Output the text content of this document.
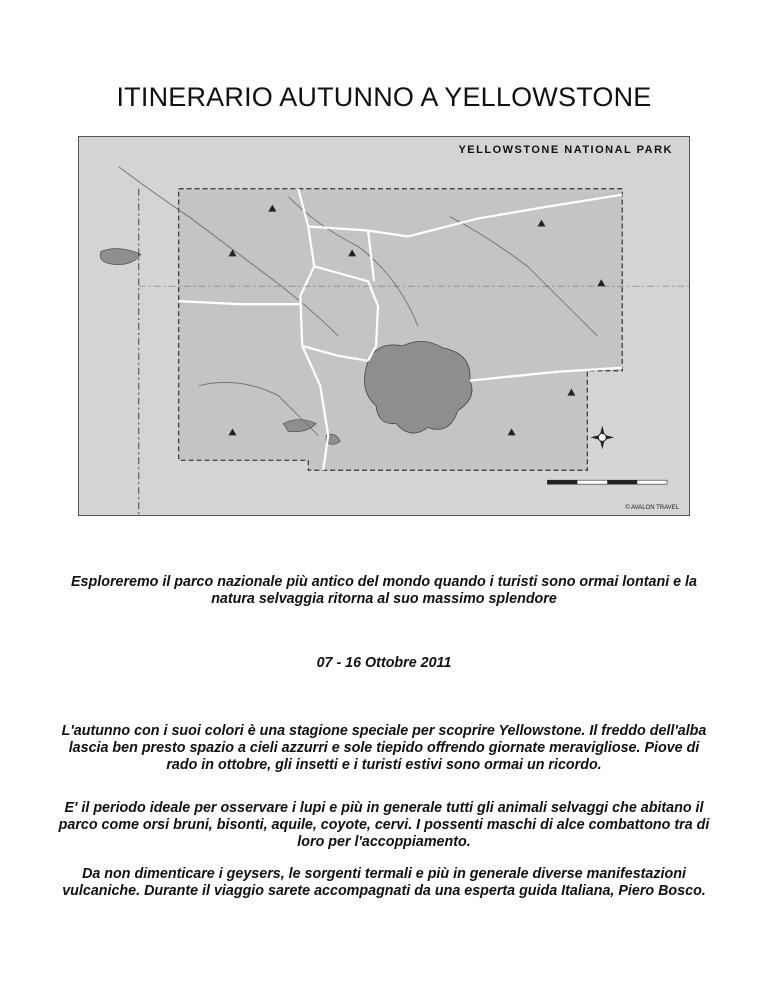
ITINERARIO AUTUNNO A YELLOWSTONE
YELLOWSTONE NATIONAL PARK
© AVALON TRAVEL

Esploreremo il parco nazionale più antico del mondo quando i turisti sono ormai lontani e la natura selvaggia ritorna al suo massimo splendore

07 - 16 Ottobre 2011

L'autunno con i suoi colori è una stagione speciale per scoprire Yellowstone. Il freddo dell'alba lascia ben presto spazio a cieli azzurri e sole tiepido offrendo giornate meravigliose. Piove di rado in ottobre, gli insetti e i turisti estivi sono ormai un ricordo.

E' il periodo ideale per osservare i lupi e più in generale tutti gli animali selvaggi che abitano il parco come orsi bruni, bisonti, aquile, coyote, cervi. I possenti maschi di alce combattono tra di loro per l'accoppiamento.

Da non dimenticare i geysers, le sorgenti termali e più in generale diverse manifestazioni vulcaniche. Durante il viaggio sarete accompagnati da una esperta guida Italiana, Piero Bosco.
